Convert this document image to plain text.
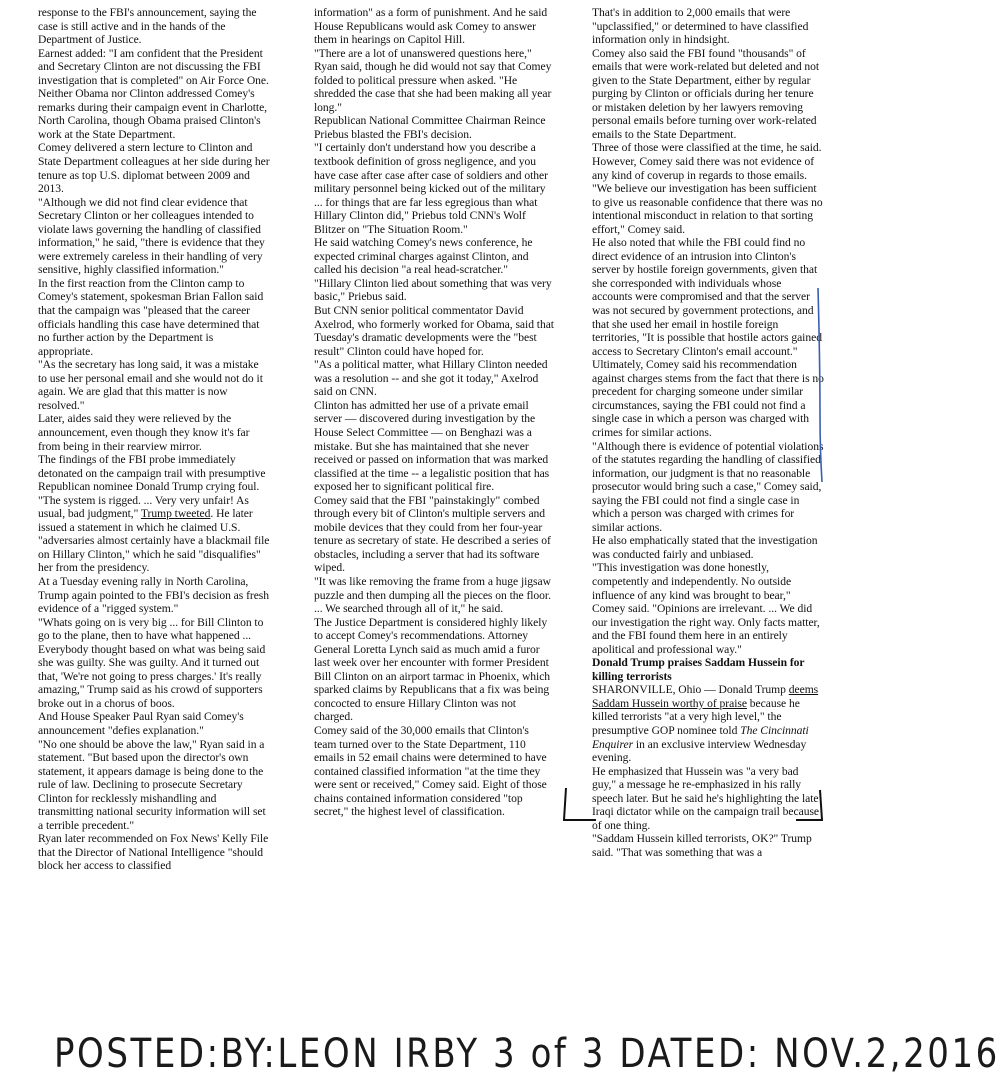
response to the FBI's announcement, saying the case is still active and in the hands of the Department of Justice.

Earnest added: "I am confident that the President and Secretary Clinton are not discussing the FBI investigation that is completed" on Air Force One. Neither Obama nor Clinton addressed Comey's remarks during their campaign event in Charlotte, North Carolina, though Obama praised Clinton's work at the State Department.

Comey delivered a stern lecture to Clinton and State Department colleagues at her side during her tenure as top U.S. diplomat between 2009 and 2013.

"Although we did not find clear evidence that Secretary Clinton or her colleagues intended to violate laws governing the handling of classified information," he said, "there is evidence that they were extremely careless in their handling of very sensitive, highly classified information."

In the first reaction from the Clinton camp to Comey's statement, spokesman Brian Fallon said that the campaign was "pleased that the career officials handling this case have determined that no further action by the Department is appropriate.

"As the secretary has long said, it was a mistake to use her personal email and she would not do it again. We are glad that this matter is now resolved."

Later, aides said they were relieved by the announcement, even though they know it's far from being in their rearview mirror.

The findings of the FBI probe immediately detonated on the campaign trail with presumptive Republican nominee Donald Trump crying foul.

"The system is rigged. ... Very very unfair! As usual, bad judgment," Trump tweeted. He later issued a statement in which he claimed U.S. "adversaries almost certainly have a blackmail file on Hillary Clinton," which he said "disqualifies" her from the presidency.

At a Tuesday evening rally in North Carolina, Trump again pointed to the FBI's decision as fresh evidence of a "rigged system."

"Whats going on is very big ... for Bill Clinton to go to the plane, then to have what happened ... Everybody thought based on what was being said she was guilty. She was guilty. And it turned out that, 'We're not going to press charges.' It's really amazing," Trump said as his crowd of supporters broke out in a chorus of boos.

And House Speaker Paul Ryan said Comey's announcement "defies explanation."

"No one should be above the law," Ryan said in a statement. "But based upon the director's own statement, it appears damage is being done to the rule of law. Declining to prosecute Secretary Clinton for recklessly mishandling and transmitting national security information will set a terrible precedent."

Ryan later recommended on Fox News' Kelly File that the Director of National Intelligence "should block her access to classified

information" as a form of punishment. And he said House Republicans would ask Comey to answer them in hearings on Capitol Hill.

"There are a lot of unanswered questions here," Ryan said, though he did would not say that Comey folded to political pressure when asked. "He shredded the case that she had been making all year long."

Republican National Committee Chairman Reince Priebus blasted the FBI's decision.

"I certainly don't understand how you describe a textbook definition of gross negligence, and you have case after case after case of soldiers and other military personnel being kicked out of the military ... for things that are far less egregious than what Hillary Clinton did," Priebus told CNN's Wolf Blitzer on "The Situation Room."

He said watching Comey's news conference, he expected criminal charges against Clinton, and called his decision "a real head-scratcher."

"Hillary Clinton lied about something that was very basic," Priebus said.

But CNN senior political commentator David Axelrod, who formerly worked for Obama, said that Tuesday's dramatic developments were the "best result" Clinton could have hoped for.

"As a political matter, what Hillary Clinton needed was a resolution -- and she got it today," Axelrod said on CNN.

Clinton has admitted her use of a private email server — discovered during investigation by the House Select Committee — on Benghazi was a mistake. But she has maintained that she never received or passed on information that was marked classified at the time -- a legalistic position that has exposed her to significant political fire.

Comey said that the FBI "painstakingly" combed through every bit of Clinton's multiple servers and mobile devices that they could from her four-year tenure as secretary of state. He described a series of obstacles, including a server that had its software wiped.

"It was like removing the frame from a huge jigsaw puzzle and then dumping all the pieces on the floor. ... We searched through all of it," he said.

The Justice Department is considered highly likely to accept Comey's recommendations. Attorney General Loretta Lynch said as much amid a furor last week over her encounter with former President Bill Clinton on an airport tarmac in Phoenix, which sparked claims by Republicans that a fix was being concocted to ensure Hillary Clinton was not charged.

Comey said of the 30,000 emails that Clinton's team turned over to the State Department, 110 emails in 52 email chains were determined to have contained classified information "at the time they were sent or received," Comey said. Eight of those chains contained information considered "top secret," the highest level of classification.

That's in addition to 2,000 emails that were "upclassified," or determined to have classified information only in hindsight.

Comey also said the FBI found "thousands" of emails that were work-related but deleted and not given to the State Department, either by regular purging by Clinton or officials during her tenure or mistaken deletion by her lawyers removing personal emails before turning over work-related emails to the State Department.

Three of those were classified at the time, he said.

However, Comey said there was not evidence of any kind of coverup in regards to those emails.

"We believe our investigation has been sufficient to give us reasonable confidence that there was no intentional misconduct in relation to that sorting effort," Comey said.

He also noted that while the FBI could find no direct evidence of an intrusion into Clinton's server by hostile foreign governments, given that she corresponded with individuals whose accounts were compromised and that the server was not secured by government protections, and that she used her email in hostile foreign territories, "It is possible that hostile actors gained access to Secretary Clinton's email account."

Ultimately, Comey said his recommendation against charges stems from the fact that there is no precedent for charging someone under similar circumstances, saying the FBI could not find a single case in which a person was charged with crimes for similar actions.

"Although there is evidence of potential violations of the statutes regarding the handling of classified information, our judgment is that no reasonable prosecutor would bring such a case," Comey said, saying the FBI could not find a single case in which a person was charged with crimes for similar actions.

He also emphatically stated that the investigation was conducted fairly and unbiased.

"This investigation was done honestly, competently and independently. No outside influence of any kind was brought to bear," Comey said. "Opinions are irrelevant. ... We did our investigation the right way. Only facts matter, and the FBI found them here in an entirely apolitical and professional way."

Donald Trump praises Saddam Hussein for killing terrorists

SHARONVILLE, Ohio — Donald Trump deems Saddam Hussein worthy of praise because he killed terrorists "at a very high level," the presumptive GOP nominee told The Cincinnati Enquirer in an exclusive interview Wednesday evening.

He emphasized that Hussein was "a very bad guy," a message he re-emphasized in his rally speech later. But he said he's highlighting the late Iraqi dictator while on the campaign trail because of one thing.

"Saddam Hussein killed terrorists, OK?" Trump said. "That was something that was a

POSTED:BY:LEON IRBY 3 of 3 DATED: NOV.2,2016
